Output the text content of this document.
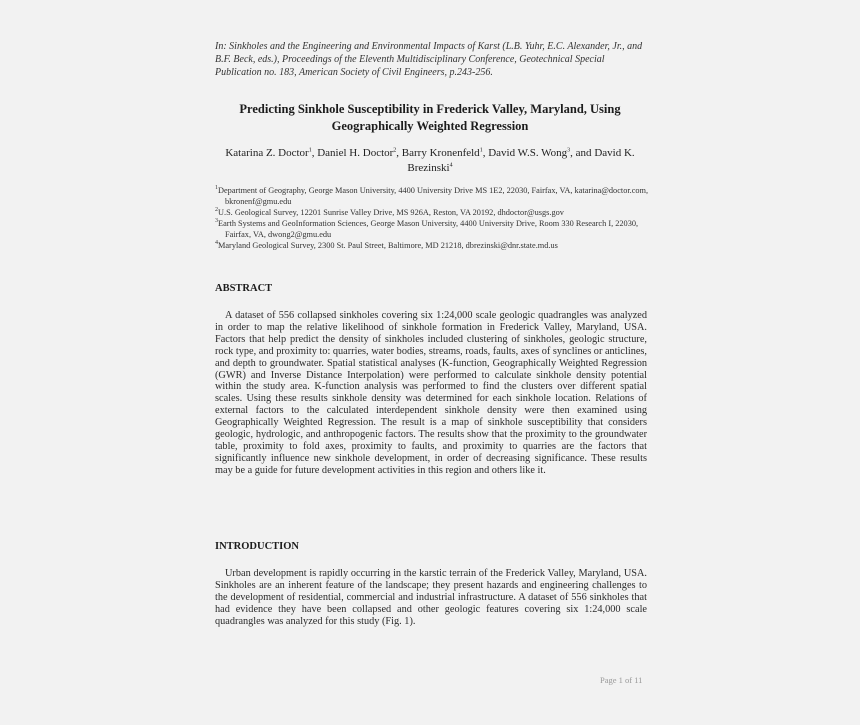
In: Sinkholes and the Engineering and Environmental Impacts of Karst (L.B. Yuhr, E.C. Alexander, Jr., and B.F. Beck, eds.), Proceedings of the Eleventh Multidisciplinary Conference, Geotechnical Special Publication no. 183, American Society of Civil Engineers, p.243-256.
Predicting Sinkhole Susceptibility in Frederick Valley, Maryland, Using Geographically Weighted Regression
Katarina Z. Doctor$^1$, Daniel H. Doctor$^2$, Barry Kronenfeld$^1$, David W.S. Wong$^3$, and David K. Brezinski$^4$
$^1$Department of Geography, George Mason University, 4400 University Drive MS 1E2, 22030, Fairfax, VA, katarina@doctor.com, bkronenf@gmu.edu
$^2$U.S. Geological Survey, 12201 Sunrise Valley Drive, MS 926A, Reston, VA 20192, dhdoctor@usgs.gov
$^3$Earth Systems and GeoInformation Sciences, George Mason University, 4400 University Drive, Room 330 Research I, 22030, Fairfax, VA, dwong2@gmu.edu
$^4$Maryland Geological Survey, 2300 St. Paul Street, Baltimore, MD 21218, dbrezinski@dnr.state.md.us
ABSTRACT
A dataset of 556 collapsed sinkholes covering six 1:24,000 scale geologic quadrangles was analyzed in order to map the relative likelihood of sinkhole formation in Frederick Valley, Maryland, USA. Factors that help predict the density of sinkholes included clustering of sinkholes, geologic structure, rock type, and proximity to: quarries, water bodies, streams, roads, faults, axes of synclines or anticlines, and depth to groundwater. Spatial statistical analyses (K-function, Geographically Weighted Regression (GWR) and Inverse Distance Interpolation) were performed to calculate sinkhole density potential within the study area. K-function analysis was performed to find the clusters over different spatial scales. Using these results sinkhole density was determined for each sinkhole location. Relations of external factors to the calculated interdependent sinkhole density were then examined using Geographically Weighted Regression. The result is a map of sinkhole susceptibility that considers geologic, hydrologic, and anthropogenic factors. The results show that the proximity to the groundwater table, proximity to fold axes, proximity to faults, and proximity to quarries are the factors that significantly influence new sinkhole development, in order of decreasing significance. These results may be a guide for future development activities in this region and others like it.
INTRODUCTION
Urban development is rapidly occurring in the karstic terrain of the Frederick Valley, Maryland, USA. Sinkholes are an inherent feature of the landscape; they present hazards and engineering challenges to the development of residential, commercial and industrial infrastructure. A dataset of 556 sinkholes that had evidence they have been collapsed and other geologic features covering six 1:24,000 scale quadrangles was analyzed for this study (Fig. 1).
Page 1 of 11
